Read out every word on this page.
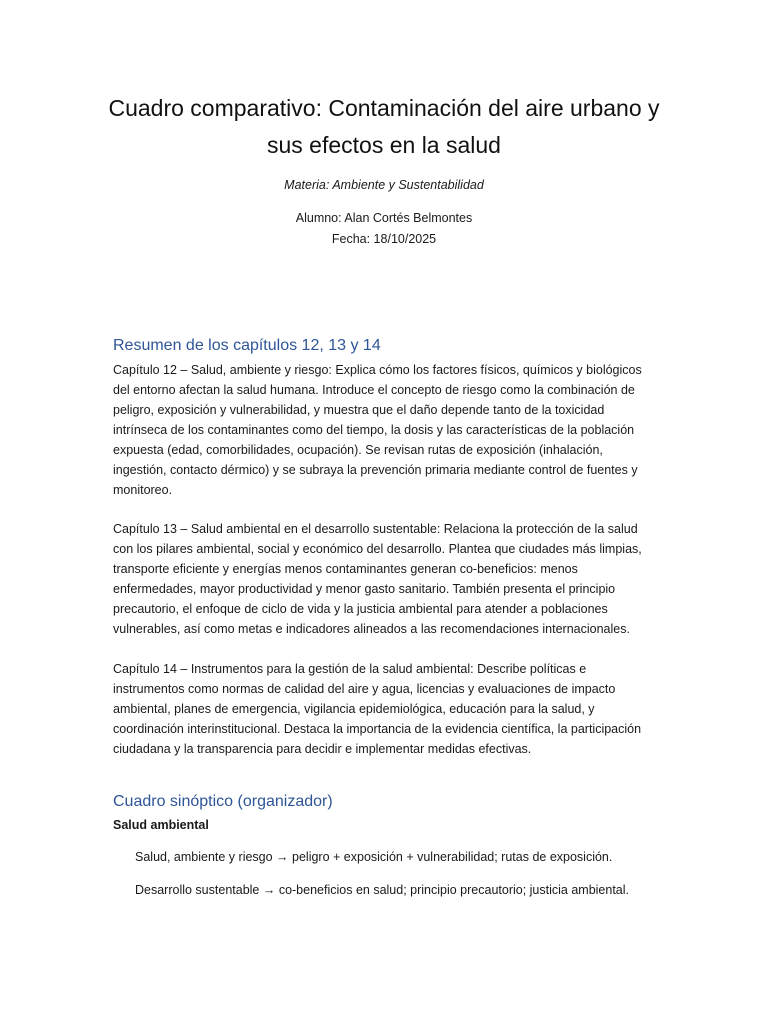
Cuadro comparativo: Contaminación del aire urbano y sus efectos en la salud

Materia: Ambiente y Sustentabilidad

Alumno: Alan Cortés Belmontes

Fecha: 18/10/2025

Resumen de los capítulos 12, 13 y 14

Capítulo 12 – Salud, ambiente y riesgo: Explica cómo los factores físicos, químicos y biológicos del entorno afectan la salud humana. Introduce el concepto de riesgo como la combinación de peligro, exposición y vulnerabilidad, y muestra que el daño depende tanto de la toxicidad intrínseca de los contaminantes como del tiempo, la dosis y las características de la población expuesta (edad, comorbilidades, ocupación). Se revisan rutas de exposición (inhalación, ingestión, contacto dérmico) y se subraya la prevención primaria mediante control de fuentes y monitoreo.

Capítulo 13 – Salud ambiental en el desarrollo sustentable: Relaciona la protección de la salud con los pilares ambiental, social y económico del desarrollo. Plantea que ciudades más limpias, transporte eficiente y energías menos contaminantes generan co-beneficios: menos enfermedades, mayor productividad y menor gasto sanitario. También presenta el principio precautorio, el enfoque de ciclo de vida y la justicia ambiental para atender a poblaciones vulnerables, así como metas e indicadores alineados a las recomendaciones internacionales.

Capítulo 14 – Instrumentos para la gestión de la salud ambiental: Describe políticas e instrumentos como normas de calidad del aire y agua, licencias y evaluaciones de impacto ambiental, planes de emergencia, vigilancia epidemiológica, educación para la salud, y coordinación interinstitucional. Destaca la importancia de la evidencia científica, la participación ciudadana y la transparencia para decidir e implementar medidas efectivas.

Cuadro sinóptico (organizador)

Salud ambiental

Salud, ambiente y riesgo → peligro + exposición + vulnerabilidad; rutas de exposición.

Desarrollo sustentable → co-beneficios en salud; principio precautorio; justicia ambiental.
